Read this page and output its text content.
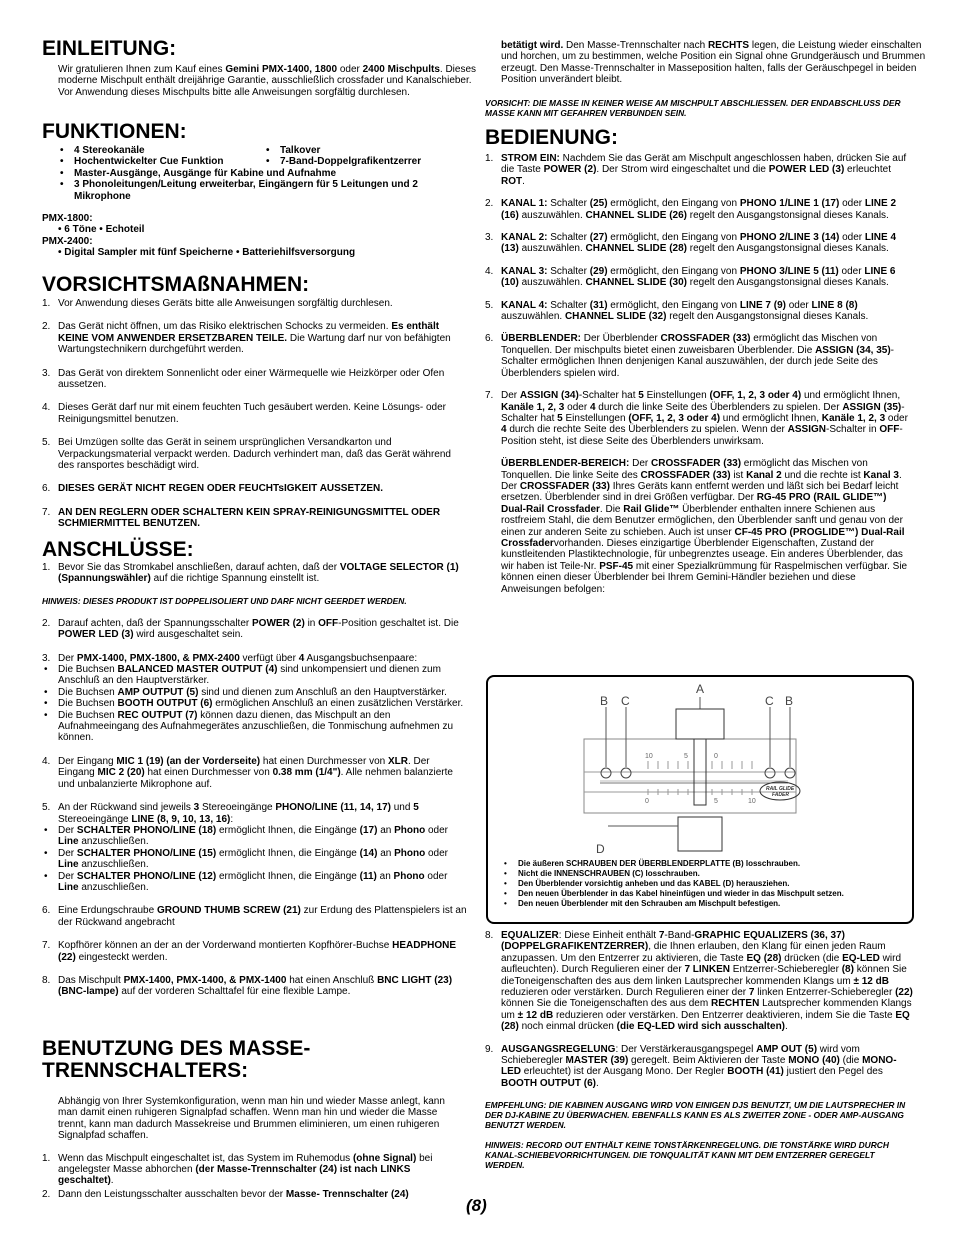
EINLEITUNG:
Wir gratulieren Ihnen zum Kauf eines Gemini PMX-1400, 1800 oder 2400 Mischpults. Dieses moderne Mischpult enthält dreijährige Garantie, ausschließlich crossfader und Kanalschieber. Vor Anwendung dieses Mischpults bitte alle Anweisungen sorgfältig durchlesen.
FUNKTIONEN:
• 4 Stereokanäle	• Talkover
• Hochentwickelter Cue Funktion	• 7-Band-Doppelgrafikentzerrer
• Master-Ausgänge, Ausgänge für Kabine und Aufnahme
• 3 Phonoleitungen/Leitung erweiterbar, Eingängern für 5 Leitungen und 2 Mikrophone
PMX-1800:
• 6 Töne • Echoteil
PMX-2400:
• Digital Sampler mit fünf Speicherne • Batteriehilfsversorgung
VORSICHTSMAßNAHMEN:
1. Vor Anwendung dieses Geräts bitte alle Anweisungen sorgfältig durchlesen.
2. Das Gerät nicht öffnen, um das Risiko elektrischen Schocks zu vermeiden. Es enthält KEINE VOM ANWENDER ERSETZBAREN TEILE. Die Wartung darf nur von befähigten Wartungstechnikern durchgeführt werden.
3. Das Gerät von direktem Sonnenlicht oder einer Wärmequelle wie Heizkörper oder Ofen aussetzen.
4. Dieses Gerät darf nur mit einem feuchten Tuch gesäubert werden. Keine Lösungs- oder Reinigungsmittel benutzen.
5. Bei Umzügen sollte das Gerät in seinem ursprünglichen Versandkarton und Verpackungsmaterial verpackt werden. Dadurch verhindert man, daß das Gerät während des ransportes beschädigt wird.
6. DIESES GERÄT NICHT REGEN ODER FEUCHTsIGKEIT AUSSETZEN.
7. AN DEN REGLERN ODER SCHALTERN KEIN SPRAY-REINIGUNGSMITTEL ODER SCHMIERMITTEL BENUTZEN.
ANSCHLÜSSE:
1. Bevor Sie das Stromkabel anschließen, darauf achten, daß der VOLTAGE SELECTOR (1) (Spannungswähler) auf die richtige Spannung einstellt ist.
HINWEIS: DIESES PRODUKT IST DOPPELISOLIERT UND DARF NICHT GEERDET WERDEN.
2. Darauf achten, daß der Spannungsschalter POWER (2) in OFF-Position geschaltet ist. Die POWER LED (3) wird ausgeschaltet sein.
3. Der PMX-1400, PMX-1800, & PMX-2400 verfügt über 4 Ausgangsbuchsenpaare:
• Die Buchsen BALANCED MASTER OUTPUT (4) sind unkompensiert und dienen zum Anschluß an den Hauptverstärker.
• Die Buchsen AMP OUTPUT (5) sind und dienen zum Anschluß an den Hauptverstärker.
• Die Buchsen BOOTH OUTPUT (6) ermöglichen Anschluß an einen zusätzlichen Verstärker.
• Die Buchsen REC OUTPUT (7) können dazu dienen, das Mischpult an den Aufnahmeeingang des Aufnahmegerätes anzuschließen, die Tonmischung aufnehmen zu können.
4. Der Eingang MIC 1 (19) (an der Vorderseite) hat einen Durchmesser von XLR. Der Eingang MIC 2 (20) hat einen Durchmesser von 0.38 mm (1/4"). Alle nehmen balanzierte und unbalanzierte Mikrophone auf.
5. An der Rückwand sind jeweils 3 Stereoeingänge PHONO/LINE (11, 14, 17) und 5 Stereoeingänge LINE (8, 9, 10, 13, 16):
• Der SCHALTER PHONO/LINE (18) ermöglicht Ihnen, die Eingänge (17) an Phono oder Line anzuschließen.
• Der SCHALTER PHONO/LINE (15) ermöglicht Ihnen, die Eingänge (14) an Phono oder Line anzuschließen.
• Der SCHALTER PHONO/LINE (12) ermöglicht Ihnen, die Eingänge (11) an Phono oder Line anzuschließen.
6. Eine Erdungschraube GROUND THUMB SCREW (21) zur Erdung des Plattenspielers ist an der Rückwand angebracht
7. Kopfhörer können an der an der Vorderwand montierten Kopfhörer-Buchse HEADPHONE (22) eingesteckt werden.
8. Das Mischpult PMX-1400, PMX-1400, & PMX-1400 hat einen Anschluß BNC LIGHT (23) (BNC-lampe) auf der vorderen Schalttafel für eine flexible Lampe.
BENUTZUNG DES MASSE-TRENNSCHALTERS:
Abhängig von Ihrer Systemkonfiguration, wenn man hin und wieder Masse anlegt, kann man damit einen ruhigeren Signalpfad schaffen. Wenn man hin und wieder die Masse trennt, kann man dadurch Massekreise und Brummen eliminieren, um einen ruhigeren Signalpfad schaffen.
1. Wenn das Mischpult eingeschaltet ist, das System im Ruhemodus (ohne Signal) bei angelegster Masse abhorchen (der Masse-Trennschalter (24) ist nach LINKS geschaltet).
2. Dann den Leistungsschalter ausschalten bevor der Masse- Trennschalter (24)
betätigt wird. Den Masse-Trennschalter nach RECHTS legen, die Leistung wieder einschalten und horchen, um zu bestimmen, welche Position ein Signal ohne Grundgeräusch und Brummen erzeugt. Den Masse-Trennschalter in Masseposition halten, falls der Geräuschpegel in beiden Position unverändert bleibt.
VORSICHT: DIE MASSE IN KEINER WEISE AM MISCHPULT ABSCHLIESSEN. DER ENDABSCHLUSS DER MASSE KANN MIT GEFAHREN VERBUNDEN SEIN.
BEDIENUNG:
1. STROM EIN: Nachdem Sie das Gerät am Mischpult angeschlossen haben, drücken Sie auf die Taste POWER (2). Der Strom wird eingeschaltet und die POWER LED (3) erleuchtet ROT.
2. KANAL 1: Schalter (25) ermöglicht, den Eingang von PHONO 1/LINE 1 (17) oder LINE 2 (16) auszuwählen. CHANNEL SLIDE (26) regelt den Ausgangstonsignal dieses Kanals.
3. KANAL 2: Schalter (27) ermöglicht, den Eingang von PHONO 2/LINE 3 (14) oder LINE 4 (13) auszuwählen. CHANNEL SLIDE (28) regelt den Ausgangstonsignal dieses Kanals.
4. KANAL 3: Schalter (29) ermöglicht, den Eingang von PHONO 3/LINE 5 (11) oder LINE 6 (10) auszuwählen. CHANNEL SLIDE (30) regelt den Ausgangstonsignal dieses Kanals.
5. KANAL 4: Schalter (31) ermöglicht, den Eingang von LINE 7 (9) oder LINE 8 (8) auszuwählen. CHANNEL SLIDE (32) regelt den Ausgangstonsignal dieses Kanals.
6. ÜBERBLENDER: Der Überblender CROSSFADER (33) ermöglicht das Mischen von Tonquellen. Der mischpults bietet einen zuweisbaren Überblender. Die ASSIGN (34, 35)-Schalter ermöglichen Ihnen denjenigen Kanal auszuwählen, der durch jede Seite des Überblenders spielen wird.
7. Der ASSIGN (34)-Schalter hat 5 Einstellungen (OFF, 1, 2, 3 oder 4) und ermöglicht Ihnen, Kanäle 1, 2, 3 oder 4 durch die linke Seite des Überblenders zu spielen. Der ASSIGN (35)-Schalter hat 5 Einstellungen (OFF, 1, 2, 3 oder 4) und ermöglicht Ihnen, Kanäle 1, 2, 3 oder 4 durch die rechte Seite des Überblenders zu spielen. Wenn der ASSIGN-Schalter in OFF-Position steht, ist diese Seite des Überblenders unwirksam.
ÜBERBLENDER-BEREICH: Der CROSSFADER (33) ermöglicht das Mischen von Tonquellen. Die linke Seite des CROSSFADER (33) ist Kanal 2 und die rechte ist Kanal 3. Der CROSSFADER (33) Ihres Geräts kann entfernt werden und läßt sich bei Bedarf leicht ersetzen. Überblender sind in drei Größen verfügbar. Der RG-45 PRO (RAIL GLIDE™) Dual-Rail Crossfader. Die Rail Glide™ Überblender enthalten innere Schienen aus rostfreiem Stahl, die dem Benutzer ermöglichen, den Überblender sanft und genau von der einen zur anderen Seite zu schieben. Auch ist unser CF-45 PRO (PROGLIDE™) Dual-Rail Crossfadervorhanden. Dieses einzigartige Überblender Eigenschaften, Zustand der kunstleitenden Plastiktechnologie, für unbegrenztes useage. Ein anderes Überblender, das wir haben ist Teile-Nr. PSF-45 mit einer Spezialkrümmung für Raspelmischen verfügbar. Sie können einen dieser Überblender bei Ihrem Gemini-Händler beziehen und diese Anweisungen befolgen:
8. EQUALIZER: Diese Einheit enthält 7-Band-GRAPHIC EQUALIZERS (36, 37) (DOPPELGRAFIKENTZERRER), die Ihnen erlauben, den Klang für einen jeden Raum anzupassen. Um den Entzerrer zu aktivieren, die Taste EQ (28) drücken (die EQ-LED wird aufleuchten). Durch Regulieren einer der 7 LINKEN Entzerrer-Schieberegler (8) können Sie dieToneigenschaften des aus dem linken Lautsprecher kommenden Klangs um ± 12 dB reduzieren oder verstärken. Durch Regulieren einer der 7 linken Entzerrer-Schieberegler (22) können Sie die Toneigenschaften des aus dem RECHTEN Lautsprecher kommenden Klangs um ± 12 dB reduzieren oder verstärken. Den Entzerrer deaktivieren, indem Sie die Taste EQ (28) noch einmal drücken (die EQ-LED wird sich ausschalten).
9. AUSGANGSREGELUNG: Der Verstärkerausgangspegel AMP OUT (5) wird vom Schieberegler MASTER (39) geregelt. Beim Aktivieren der Taste MONO (40) (die MONO-LED erleuchtet) ist der Ausgang Mono. Der Regler BOOTH (41) justiert den Pegel des BOOTH OUTPUT (6).
EMPFEHLUNG: DIE KABINEN AUSGANG WIRD VON EINIGEN DJS BENUTZT, UM DIE LAUTSPRECHER IN DER DJ-KABINE ZU ÜBERWACHEN. EBENFALLS KANN ES ALS ZWEITER ZONE - ODER AMP-AUSGANG BENUTZT WERDEN.
HINWEIS: RECORD OUT ENTHÄLT KEINE TONSTÄRKENREGELUNG. DIE TONSTÄRKE WIRD DURCH KANAL-SCHIEBEVORRICHTUNGEN. DIE TONQUALITÄT KANN MIT DEM ENTZERRER GEREGELT WERDEN.
A
B C	C B
D
10	5	0
0	5	10
RAIL GLIDE
FADER
• Die äußeren SCHRAUBEN DER ÜBERBLENDERPLATTE (B) losschrauben.
• Nicht die INNENSCHRAUBEN (C) losschrauben.
• Den Überblender vorsichtig anheben und das KABEL (D) herausziehen.
• Den neuen Überblender in das Kabel hineinfügen und wieder in das Mischpult setzen.
• Den neuen Überblender mit den Schrauben am Mischpult befestigen.
(8)
